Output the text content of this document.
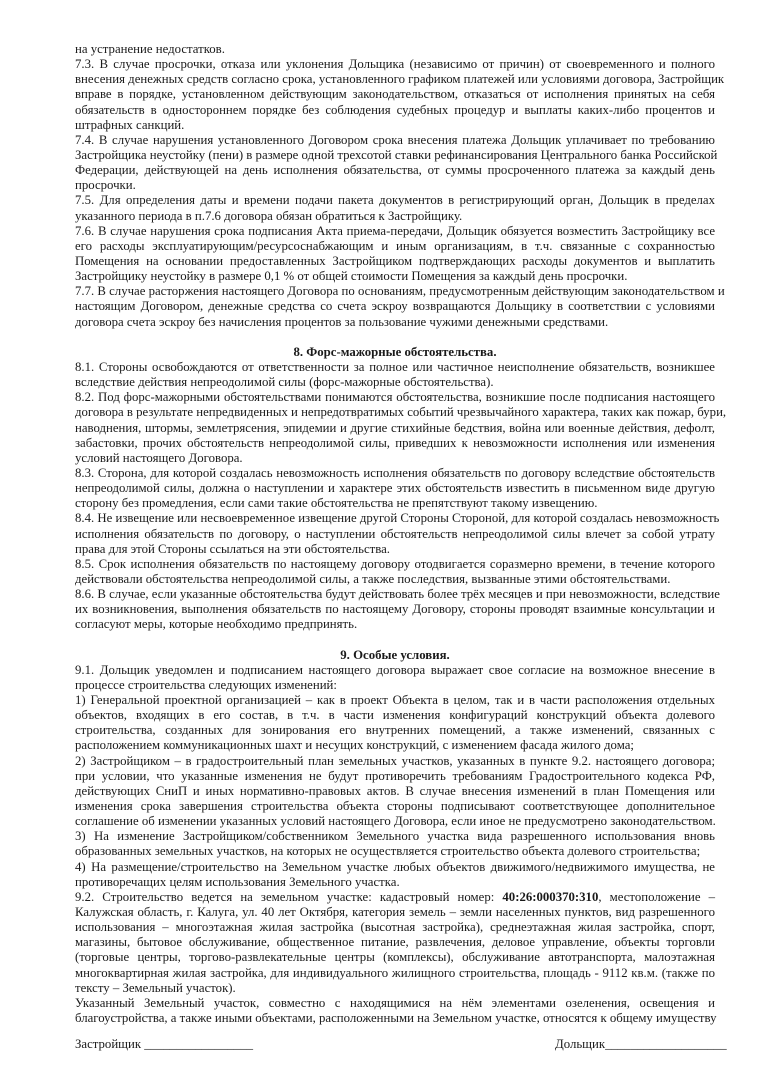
на устранение недостатков.
7.3. В случае просрочки, отказа или уклонения Дольщика (независимо от причин) от своевременного и полного
внесения денежных средств согласно срока, установленного графиком платежей или условиями договора, Застройщик
вправе в порядке, установленном действующим законодательством, отказаться от исполнения принятых на себя
обязательств в одностороннем порядке без соблюдения судебных процедур и выплаты каких-либо процентов и
штрафных санкций.
7.4. В случае нарушения установленного Договором срока внесения платежа Дольщик уплачивает по требованию
Застройщика неустойку (пени) в размере одной трехсотой ставки рефинансирования Центрального банка Российской
Федерации, действующей на день исполнения обязательства, от суммы просроченного платежа за каждый день
просрочки.
7.5. Для определения даты и времени подачи пакета документов в регистрирующий орган, Дольщик в пределах
указанного периода в п.7.6 договора обязан обратиться к Застройщику.
7.6. В случае нарушения срока подписания Акта приема-передачи, Дольщик обязуется возместить Застройщику все
его расходы эксплуатирующим/ресурсоснабжающим и иным организациям, в т.ч. связанные с сохранностью
Помещения на основании предоставленных Застройщиком подтверждающих расходы документов и выплатить
Застройщику неустойку в размере 0,1 % от общей стоимости Помещения за каждый день просрочки.
7.7. В случае расторжения настоящего Договора по основаниям, предусмотренным действующим законодательством и
настоящим Договором, денежные средства со счета эскроу возвращаются Дольщику в соответствии с условиями
договора счета эскроу без начисления процентов за пользование чужими денежными средствами.
8. Форс-мажорные обстоятельства.
8.1. Стороны освобождаются от ответственности за полное или частичное неисполнение обязательств, возникшее
вследствие действия непреодолимой силы (форс-мажорные обстоятельства).
8.2. Под форс-мажорными обстоятельствами понимаются обстоятельства, возникшие после подписания настоящего
договора в результате непредвиденных и непредотвратимых событий чрезвычайного характера, таких как пожар, бури,
наводнения, штормы, землетрясения, эпидемии и другие стихийные бедствия, война или военные действия, дефолт,
забастовки, прочих обстоятельств непреодолимой силы, приведших к невозможности исполнения или изменения
условий настоящего Договора.
8.3. Сторона, для которой создалась невозможность исполнения обязательств по договору вследствие обстоятельств
непреодолимой силы, должна о наступлении и характере этих обстоятельств известить в письменном виде другую
сторону без промедления, если сами такие обстоятельства не препятствуют такому извещению.
8.4. Не извещение или несвоевременное извещение другой Стороны Стороной, для которой создалась невозможность
исполнения обязательств по договору, о наступлении обстоятельств непреодолимой силы влечет за собой утрату
права для этой Стороны ссылаться на эти обстоятельства.
8.5. Срок исполнения обязательств по настоящему договору отодвигается соразмерно времени, в течение которого
действовали обстоятельства непреодолимой силы, а также последствия, вызванные этими обстоятельствами.
8.6. В случае, если указанные обстоятельства будут действовать более трёх месяцев и при невозможности, вследствие
их возникновения, выполнения обязательств по настоящему Договору, стороны проводят взаимные консультации и
согласуют меры, которые необходимо предпринять.
9. Особые условия.
9.1. Дольщик уведомлен и подписанием настоящего договора выражает свое согласие на возможное внесение в
процессе строительства следующих изменений:
1) Генеральной проектной организацией – как в проект Объекта в целом, так и в части расположения отдельных
объектов, входящих в его состав, в т.ч. в части изменения конфигураций конструкций объекта долевого
строительства, созданных для зонирования его внутренних помещений, а также изменений, связанных с
расположением коммуникационных шахт и несущих конструкций, с изменением фасада жилого дома;
2) Застройщиком – в градостроительный план земельных участков, указанных в пункте 9.2. настоящего договора;
при условии, что указанные изменения не будут противоречить требованиям Градостроительного кодекса РФ,
действующих СниП и иных нормативно-правовых актов. В случае внесения изменений в план Помещения или
изменения срока завершения строительства объекта стороны подписывают соответствующее дополнительное
соглашение об изменении указанных условий настоящего Договора, если иное не предусмотрено законодательством.
3) На изменение Застройщиком/собственником Земельного участка вида разрешенного использования вновь
образованных земельных участков, на которых не осуществляется строительство объекта долевого строительства;
4) На размещение/строительство на Земельном участке любых объектов движимого/недвижимого имущества, не
противоречащих целям использования Земельного участка.
9.2. Строительство ведется на земельном участке: кадастровый номер: 40:26:000370:310, местоположение –
Калужская область, г. Калуга, ул. 40 лет Октября, категория земель – земли населенных пунктов, вид разрешенного
использования – многоэтажная жилая застройка (высотная застройка), среднеэтажная жилая застройка, спорт,
магазины, бытовое обслуживание, общественное питание, развлечения, деловое управление, объекты торговли
(торговые центры, торгово-развлекательные центры (комплексы), обслуживание автотранспорта, малоэтажная
многоквартирная жилая застройка, для индивидуального жилищного строительства, площадь - 9112 кв.м. (также по
тексту – Земельный участок).
Указанный Земельный участок, совместно с находящимися на нём элементами озеленения, освещения и
благоустройства, а также иными объектами, расположенными на Земельном участке, относятся к общему имуществу
Застройщик _________________	Дольщик___________________
